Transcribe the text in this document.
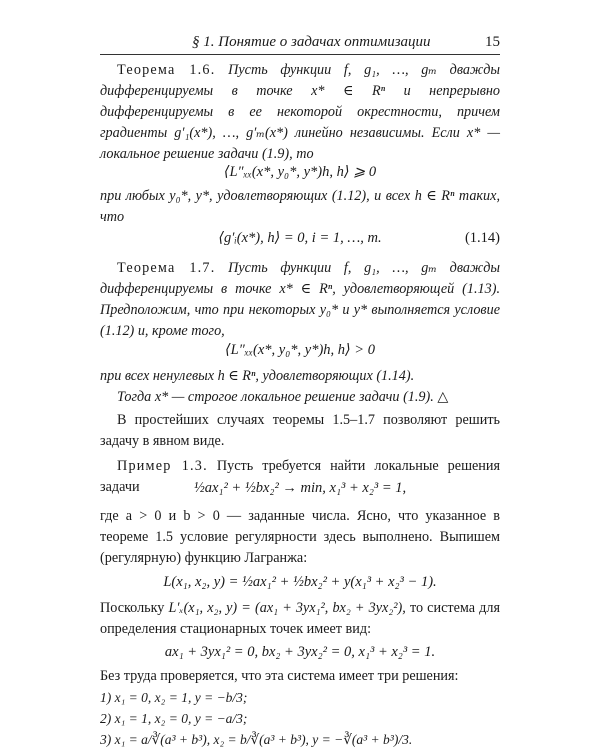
§ 1. Понятие о задачах оптимизации	15

Теорема 1.6. Пусть функции f, g₁, …, gₘ дважды дифференцируемы в точке x* ∈ Rⁿ и непрерывно дифференцируемы в ее некоторой окрестности, причем градиенты g′₁(x*), …, g′ₘ(x*) линейно независимы. Если x* — локальное решение задачи (1.9), то

⟨L″ₓₓ(x*, y₀*, y*)h, h⟩ ⩾ 0

при любых y₀*, y*, удовлетворяющих (1.12), и всех h ∈ Rⁿ таких, что

⟨g′ᵢ(x*), h⟩ = 0, i = 1, …, m.	(1.14)

Теорема 1.7. Пусть функции f, g₁, …, gₘ дважды дифференцируемы в точке x* ∈ Rⁿ, удовлетворяющей (1.13). Предположим, что при некоторых y₀* и y* выполняется условие (1.12) и, кроме того,

⟨L″ₓₓ(x*, y₀*, y*)h, h⟩ > 0

при всех ненулевых h ∈ Rⁿ, удовлетворяющих (1.14).

Тогда x* — строгое локальное решение задачи (1.9). △

В простейших случаях теоремы 1.5–1.7 позволяют решить задачу в явном виде.

Пример 1.3. Пусть требуется найти локальные решения задачи	½ax₁² + ½bx₂² → min, x₁³ + x₂³ = 1,

где a > 0 и b > 0 — заданные числа. Ясно, что указанное в теореме 1.5 условие регулярности здесь выполнено. Выпишем (регулярную) функцию Лагранжа:

L(x₁, x₂, y) = ½ax₁² + ½bx₂² + y(x₁³ + x₂³ − 1).

Поскольку L′ₓ(x₁, x₂, y) = (ax₁ + 3yx₁², bx₂ + 3yx₂²), то система для определения стационарных точек имеет вид:

ax₁ + 3yx₁² = 0, bx₂ + 3yx₂² = 0, x₁³ + x₂³ = 1.

Без труда проверяется, что эта система имеет три решения:

1) x₁ = 0, x₂ = 1, y = −b/3;

2) x₁ = 1, x₂ = 0, y = −a/3;

3) x₁ = a/∛(a³ + b³), x₂ = b/∛(a³ + b³), y = −∛(a³ + b³)/3.
